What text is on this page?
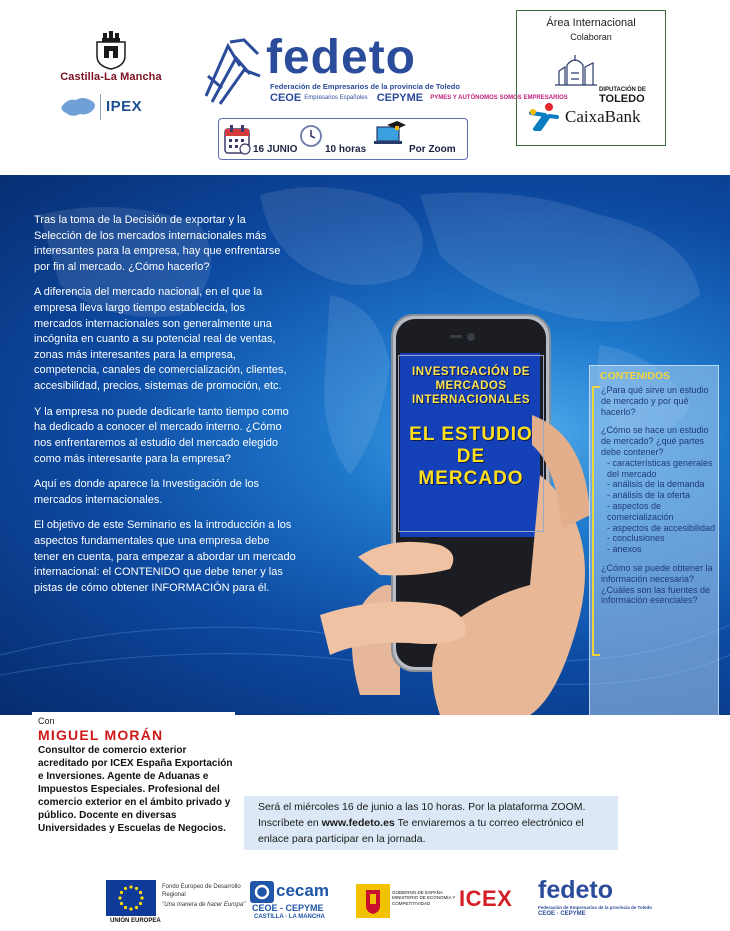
Castilla-La Mancha
IPEX
fedeto
Federación de Empresarios de la provincia de Toledo
CEOE Empresarios Españoles CEPYME PYMES Y AUTÓNOMOS SOMOS EMPRESARIOS
16 JUNIO	10 horas	Por Zoom
Área Internacional
Colaboran
DIPUTACIÓN DE
TOLEDO
CaixaBank

Tras la toma de la Decisión de exportar y la Selección de los mercados internacionales más interesantes para la empresa, hay que enfrentarse por fin al mercado. ¿Cómo hacerlo?

A diferencia del mercado nacional, en el que la empresa lleva largo tiempo establecida, los mercados internacionales son generalmente una incógnita en cuanto a su potencial real de ventas, zonas más interesantes para la empresa, competencia, canales de comercialización, clientes, accesibilidad, precios, sistemas de promoción, etc.

Y la empresa no puede dedicarle tanto tiempo como ha dedicado a conocer el mercado interno. ¿Cómo nos enfrentaremos al estudio del mercado elegido como más interesante para la empresa?

Aquí es donde aparece la Investigación de los mercados internacionales.

El objetivo de este Seminario es la introducción a los aspectos fundamentales que una empresa debe tener en cuenta, para empezar a abordar un mercado internacional: el CONTENIDO que debe tener y las pistas de cómo obtener INFORMACIÓN para él.

INVESTIGACIÓN DE MERCADOS INTERNACIONALES
EL ESTUDIO DE MERCADO
CONTENIDOS
¿Para qué sirve un estudio de mercado y por qué hacerlo?
¿Cómo se hace un estudio de mercado? ¿qué partes debe contener?
- características generales del mercado
- análisis de la demanda
- análisis de la oferta
- aspectos de comercialización
- aspectos de accesibilidad
- conclusiones
- anexos
¿Cómo se puede obtener la información necesaria? ¿Cuáles son las fuentes de información esenciales?
Con
MIGUEL MORÁN
Consultor de comercio exterior acreditado por ICEX España Exportación e Inversiones. Agente de Aduanas e Impuestos Especiales. Profesional del comercio exterior en el ámbito privado y público. Docente en diversas Universidades y Escuelas de Negocios.
Será el miércoles 16 de junio a las 10 horas. Por la plataforma ZOOM.
Inscríbete en www.fedeto.es Te enviaremos a tu correo electrónico el enlace para participar en la jornada.
Fondo Europeo de Desarrollo Regional
"Una manera de hacer Europa"
UNIÓN EUROPEA
cecam
CEOE - CEPYME
CASTILLA - LA MANCHA
GOBIERNO DE ESPAÑA
MINISTERIO DE ECONOMÍA Y COMPETITIVIDAD	ICEX fedeto
Federación de Empresarios de la provincia de Toledo
CEOE · CEPYME
